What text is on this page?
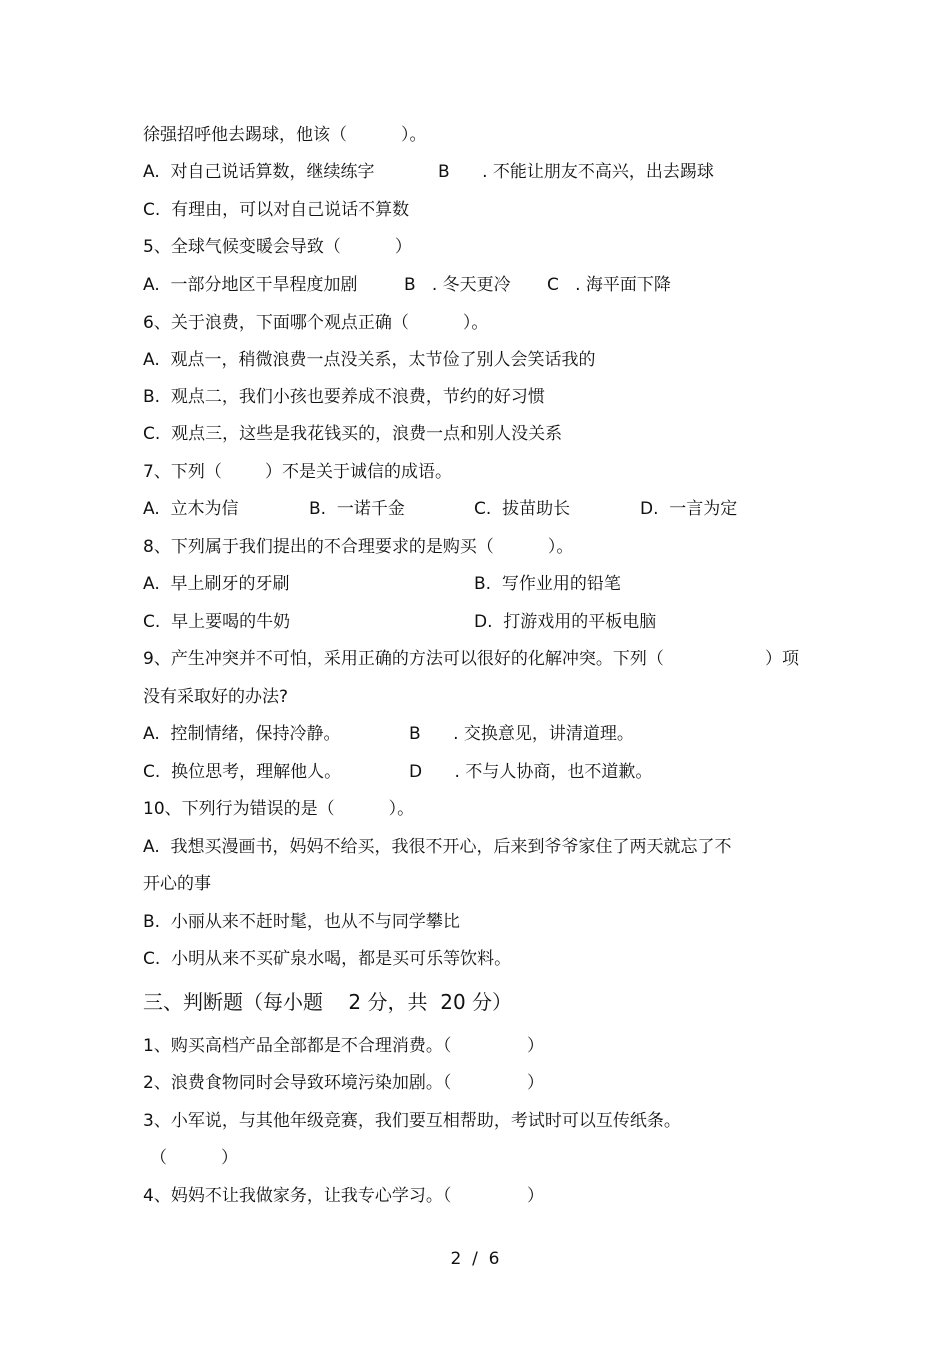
徐强招呼他去踢球，他该（          ）。

A.  对自己说话算数，继续练字

	B      . 不能让朋友不高兴，出去踢球

C.  有理由，可以对自己说话不算数
5、全球气候变暖会导致（          ）

A.  一部分地区干旱程度加剧

	B   . 冬天更冷

C   . 海平面下降

6、关于浪费，下面哪个观点正确（          ）。
A.  观点一，稍微浪费一点没关系，太节俭了别人会笑话我的
B.  观点二，我们小孩也要养成不浪费，节约的好习惯
C.  观点三，这些是我花钱买的，浪费一点和别人没关系
7、下列（        ）不是关于诚信的成语。

A.  立木为信

	B.  一诺千金

	C.  拔苗助长

	D.  一言为定

8、下列属于我们提出的不合理要求的是购买（          ）。

A.  早上刷牙的牙刷

	B.  写作业用的铅笔

C.  早上要喝的牛奶

	D.  打游戏用的平板电脑

9、产生冲突并不可怕，采用正确的方法可以很好的化解冲突。下列（

	）项

没有采取好的办法?

A.  控制情绪，保持冷静。

	B      . 交换意见，讲清道理。

C.  换位思考，理解他人。

	D      . 不与人协商，也不道歉。

10、下列行为错误的是（          ）。
A.  我想买漫画书，妈妈不给买，我很不开心，后来到爷爷家住了两天就忘了不
开心的事
B.  小丽从来不赶时髦，也从不与同学攀比
C.  小明从来不买矿泉水喝，都是买可乐等饮料。
三、判断题（每小题    2 分，共  20 分）
1、购买高档产品全部都是不合理消费。（              ）
2、浪费食物同时会导致环境污染加剧。（              ）
3、小军说，与其他年级竞赛，我们要互相帮助，考试时可以互传纸条。
（          ）
4、妈妈不让我做家务，让我专心学习。（              ）
2  /  6
